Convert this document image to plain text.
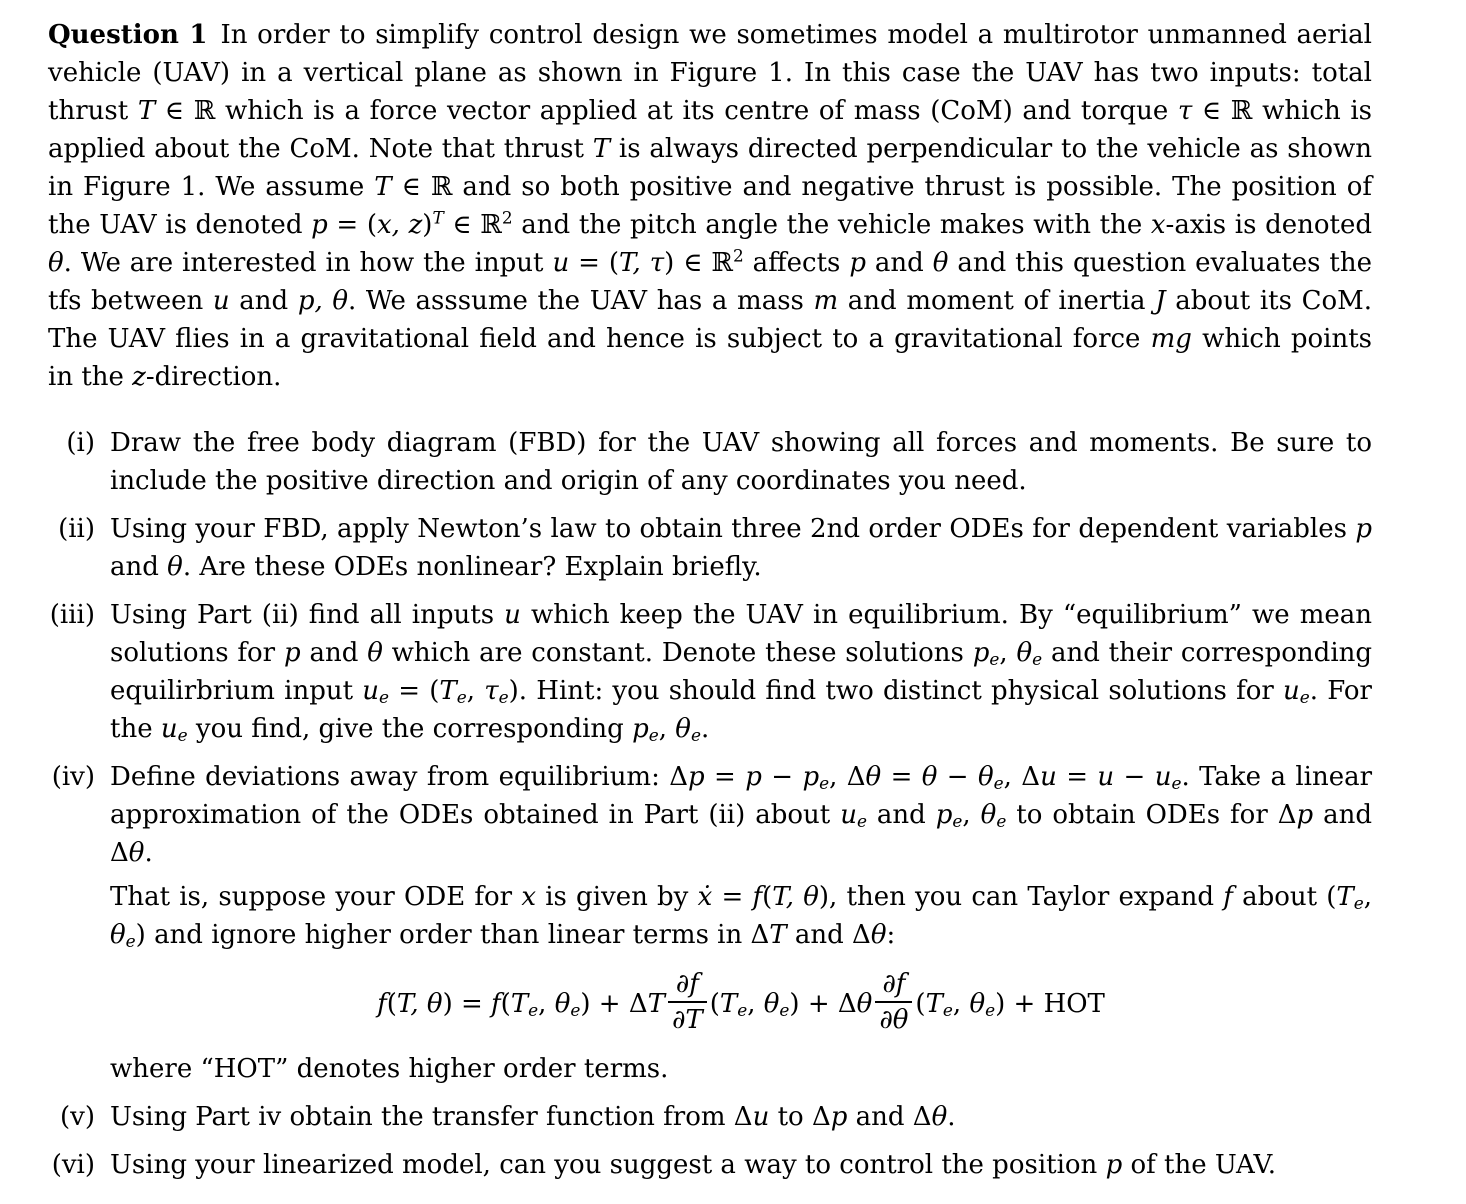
Question 1 In order to simplify control design we sometimes model a multirotor unmanned aerial vehicle (UAV) in a vertical plane as shown in Figure 1. In this case the UAV has two inputs: total thrust T ∈ ℝ which is a force vector applied at its centre of mass (CoM) and torque τ ∈ ℝ which is applied about the CoM. Note that thrust T is always directed perpendicular to the vehicle as shown in Figure 1. We assume T ∈ ℝ and so both positive and negative thrust is possible. The position of the UAV is denoted p = (x, z)$^T$ ∈ ℝ$^2$ and the pitch angle the vehicle makes with the x-axis is denoted θ. We are interested in how the input u = (T, τ) ∈ ℝ$^2$ affects p and θ and this question evaluates the tfs between u and p, θ. We asssume the UAV has a mass m and moment of inertia J about its CoM. The UAV flies in a gravitational field and hence is subject to a gravitational force mg which points in the z-direction.

(i) Draw the free body diagram (FBD) for the UAV showing all forces and moments. Be sure to include the positive direction and origin of any coordinates you need.
(ii) Using your FBD, apply Newton’s law to obtain three 2nd order ODEs for dependent variables p and θ. Are these ODEs nonlinear? Explain briefly.
(iii) Using Part (ii) find all inputs u which keep the UAV in equilibrium. By “equilibrium” we mean solutions for p and θ which are constant. Denote these solutions $p_e$, $\theta_e$ and their corresponding equilirbrium input $u_e = (T_e$, $\tau_e$). Hint: you should find two distinct physical solutions for $u_e$. For the $u_e$ you find, give the corresponding $p_e$, $\theta_e$.
(iv) Define deviations away from equilibrium: $\Delta p = p - p_e$, $\Delta\theta = \theta - \theta_e$, $\Delta u = u - u_e$. Take a linear approximation of the ODEs obtained in Part (ii) about $u_e$ and $p_e$, $\theta_e$ to obtain ODEs for Δp and Δθ.

That is, suppose your ODE for x is given by ẋ = f(T, θ), then you can Taylor expand f about ($T_e$, $\theta_e$) and ignore higher order than linear terms in ΔT and Δθ:

f(T, $\theta) = f(T_e$, $\theta_e) + \Delta T \frac{\partial f}{\partial T} (T_e$, $\theta_e) + \Delta\theta \frac{\partial f}{\partial\theta} (T_e$, $\theta_e$) + HOT

where “HOT” denotes higher order terms.

(v) Using Part iv obtain the transfer function from Δu to Δp and Δθ.
(vi) Using your linearized model, can you suggest a way to control the position p of the UAV.
